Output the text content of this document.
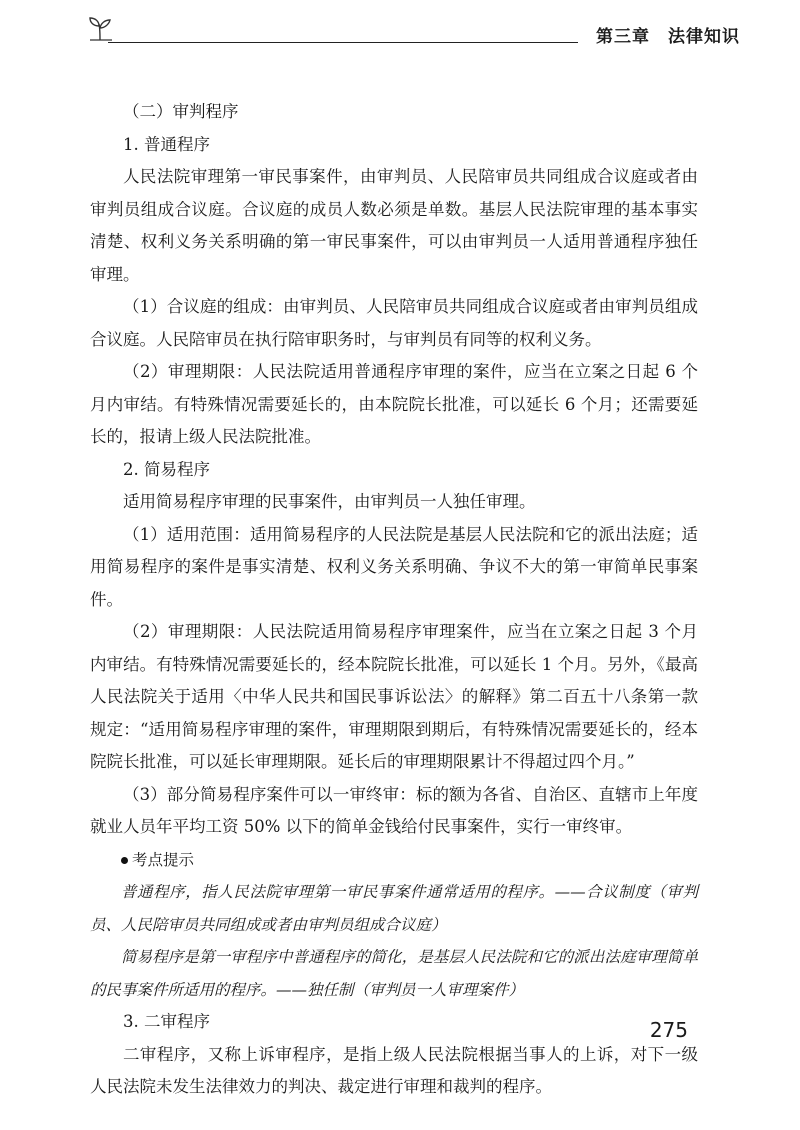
第三章　法律知识

（二）审判程序

1. 普通程序

人民法院审理第一审民事案件，由审判员、人民陪审员共同组成合议庭或者由审判员组成合议庭。合议庭的成员人数必须是单数。基层人民法院审理的基本事实清楚、权利义务关系明确的第一审民事案件，可以由审判员一人适用普通程序独任审理。

（1）合议庭的组成：由审判员、人民陪审员共同组成合议庭或者由审判员组成合议庭。人民陪审员在执行陪审职务时，与审判员有同等的权利义务。

（2）审理期限：人民法院适用普通程序审理的案件，应当在立案之日起 6 个月内审结。有特殊情况需要延长的，由本院院长批准，可以延长 6 个月；还需要延长的，报请上级人民法院批准。

2. 简易程序

适用简易程序审理的民事案件，由审判员一人独任审理。

（1）适用范围：适用简易程序的人民法院是基层人民法院和它的派出法庭；适用简易程序的案件是事实清楚、权利义务关系明确、争议不大的第一审简单民事案件。

（2）审理期限：人民法院适用简易程序审理案件，应当在立案之日起 3 个月内审结。有特殊情况需要延长的，经本院院长批准，可以延长 1 个月。另外，《最高人民法院关于适用〈中华人民共和国民事诉讼法〉的解释》第二百五十八条第一款规定：“适用简易程序审理的案件，审理期限到期后，有特殊情况需要延长的，经本院院长批准，可以延长审理期限。延长后的审理期限累计不得超过四个月。”

（3）部分简易程序案件可以一审终审：标的额为各省、自治区、直辖市上年度就业人员年平均工资 50% 以下的简单金钱给付民事案件，实行一审终审。

考点提示

普通程序，指人民法院审理第一审民事案件通常适用的程序。——合议制度（审判员、人民陪审员共同组成或者由审判员组成合议庭）

简易程序是第一审程序中普通程序的简化，是基层人民法院和它的派出法庭审理简单的民事案件所适用的程序。——独任制（审判员一人审理案件）

3. 二审程序

二审程序，又称上诉审程序，是指上级人民法院根据当事人的上诉，对下一级人民法院未发生法律效力的判决、裁定进行审理和裁判的程序。

275
